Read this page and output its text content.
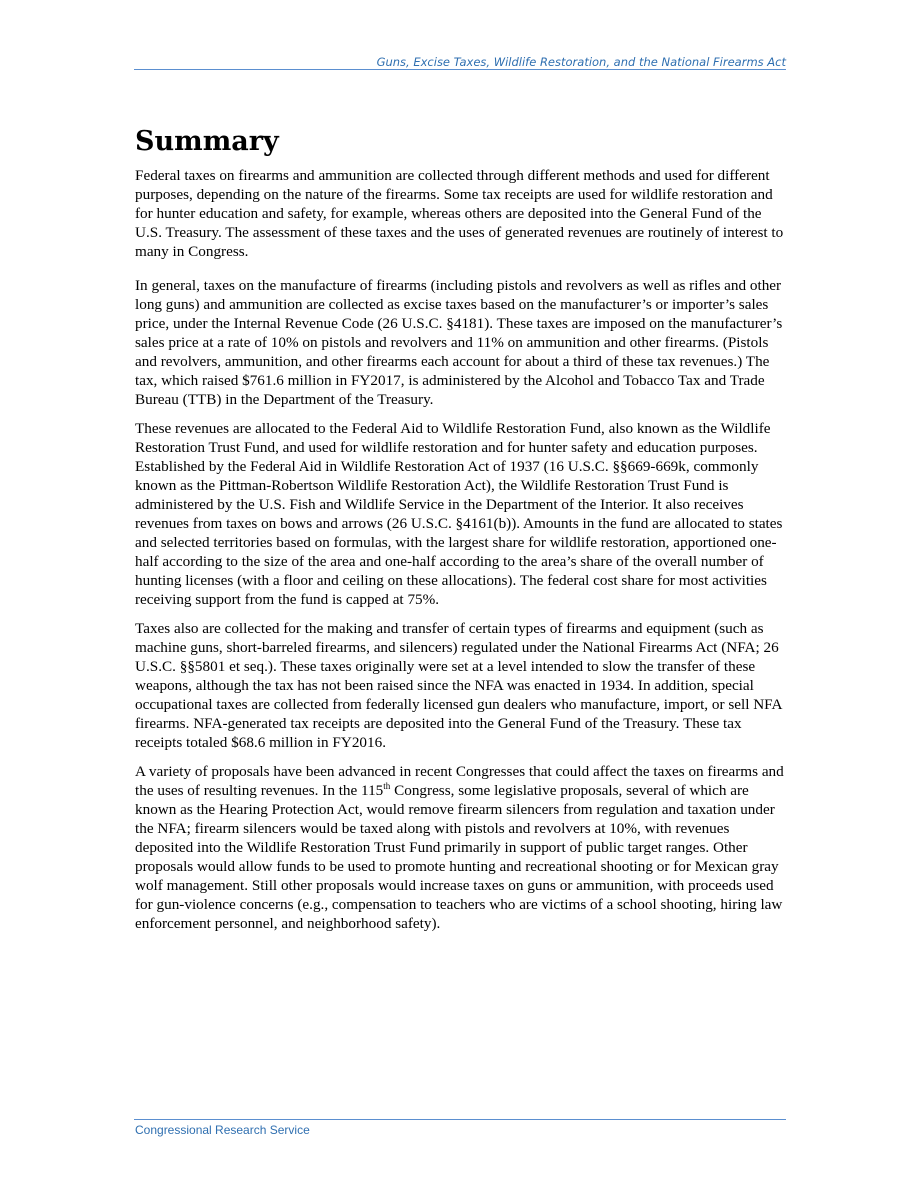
Guns, Excise Taxes, Wildlife Restoration, and the National Firearms Act
Summary

Federal taxes on firearms and ammunition are collected through different methods and used for different purposes, depending on the nature of the firearms. Some tax receipts are used for wildlife restoration and for hunter education and safety, for example, whereas others are deposited into the General Fund of the U.S. Treasury. The assessment of these taxes and the uses of generated revenues are routinely of interest to many in Congress.

In general, taxes on the manufacture of firearms (including pistols and revolvers as well as rifles and other long guns) and ammunition are collected as excise taxes based on the manufacturer’s or importer’s sales price, under the Internal Revenue Code (26 U.S.C. §4181). These taxes are imposed on the manufacturer’s sales price at a rate of 10% on pistols and revolvers and 11% on ammunition and other firearms. (Pistols and revolvers, ammunition, and other firearms each account for about a third of these tax revenues.) The tax, which raised $761.6 million in FY2017, is administered by the Alcohol and Tobacco Tax and Trade Bureau (TTB) in the Department of the Treasury.

These revenues are allocated to the Federal Aid to Wildlife Restoration Fund, also known as the Wildlife Restoration Trust Fund, and used for wildlife restoration and for hunter safety and education purposes. Established by the Federal Aid in Wildlife Restoration Act of 1937 (16 U.S.C. §§669-669k, commonly known as the Pittman-Robertson Wildlife Restoration Act), the Wildlife Restoration Trust Fund is administered by the U.S. Fish and Wildlife Service in the Department of the Interior. It also receives revenues from taxes on bows and arrows (26 U.S.C. §4161(b)). Amounts in the fund are allocated to states and selected territories based on formulas, with the largest share for wildlife restoration, apportioned one-half according to the size of the area and one-half according to the area’s share of the overall number of hunting licenses (with a floor and ceiling on these allocations). The federal cost share for most activities receiving support from the fund is capped at 75%.

Taxes also are collected for the making and transfer of certain types of firearms and equipment (such as machine guns, short-barreled firearms, and silencers) regulated under the National Firearms Act (NFA; 26 U.S.C. §§5801 et seq.). These taxes originally were set at a level intended to slow the transfer of these weapons, although the tax has not been raised since the NFA was enacted in 1934. In addition, special occupational taxes are collected from federally licensed gun dealers who manufacture, import, or sell NFA firearms. NFA-generated tax receipts are deposited into the General Fund of the Treasury. These tax receipts totaled $68.6 million in FY2016.

A variety of proposals have been advanced in recent Congresses that could affect the taxes on firearms and the uses of resulting revenues. In the 115th Congress, some legislative proposals, several of which are known as the Hearing Protection Act, would remove firearm silencers from regulation and taxation under the NFA; firearm silencers would be taxed along with pistols and revolvers at 10%, with revenues deposited into the Wildlife Restoration Trust Fund primarily in support of public target ranges. Other proposals would allow funds to be used to promote hunting and recreational shooting or for Mexican gray wolf management. Still other proposals would increase taxes on guns or ammunition, with proceeds used for gun-violence concerns (e.g., compensation to teachers who are victims of a school shooting, hiring law enforcement personnel, and neighborhood safety).

Congressional Research Service
